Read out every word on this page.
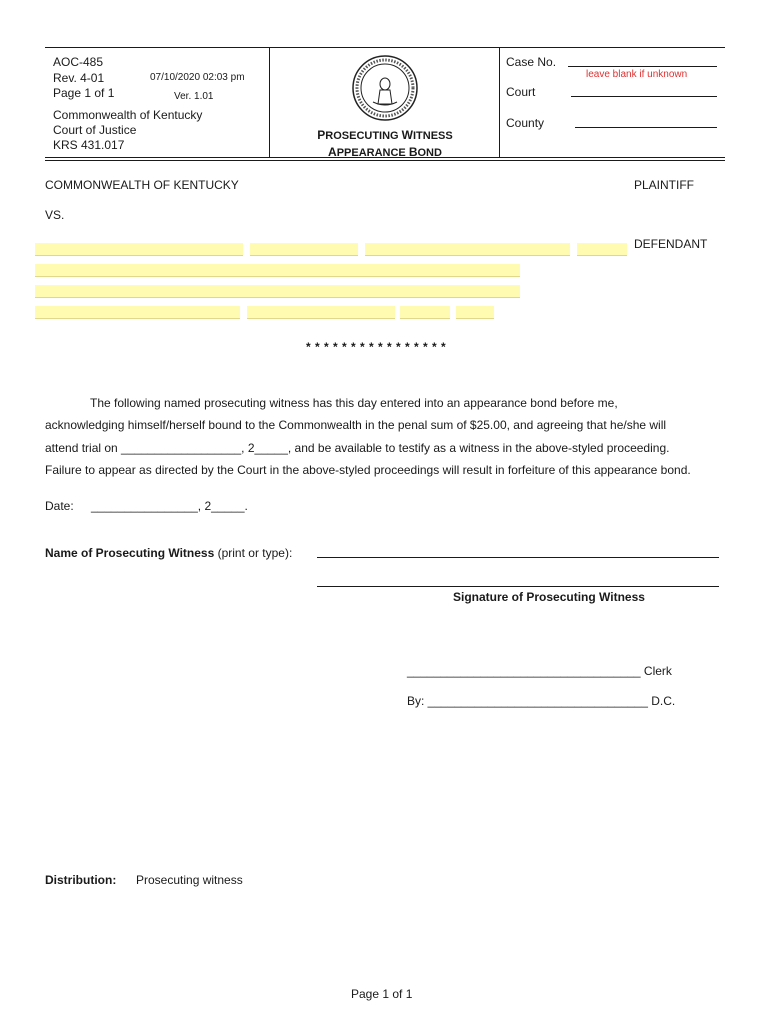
AOC-485
Rev. 4-01
Page 1 of 1
07/10/2020 02:03 pm
Ver. 1.01
Commonwealth of Kentucky
Court of Justice
KRS 431.017
PROSECUTING WITNESS
APPEARANCE BOND
Case No.
leave blank if unknown
Court
County
COMMONWEALTH OF KENTUCKY	PLAINTIFF
VS.
DEFENDANT
* * * * * * * * * * * * * * * *
The following named prosecuting witness has this day entered into an appearance bond before me,
acknowledging himself/herself bound to the Commonwealth in the penal sum of $25.00, and agreeing that he/she will
attend trial on __________________, 2_____, and be available to testify as a witness in the above-styled proceeding.
Failure to appear as directed by the Court in the above-styled proceedings will result in forfeiture of this appearance bond.
Date: ________________, 2_____.
Name of Prosecuting Witness (print or type):
Signature of Prosecuting Witness
___________________________________ Clerk
By: _________________________________ D.C.
Distribution: Prosecuting witness
Page 1 of 1
